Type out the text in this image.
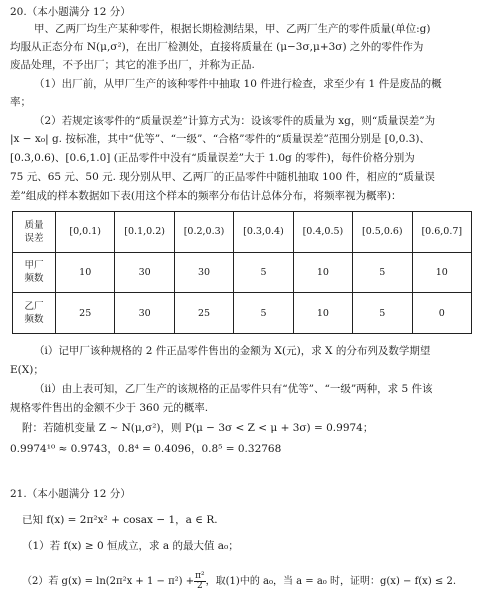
20.（本小题满分 12 分）
甲、乙两厂均生产某种零件，根据长期检测结果，甲、乙两厂生产的零件质量(单位:g)
均服从正态分布 N(μ,σ²)，在出厂检测处，直接将质量在 (μ−3σ,μ+3σ) 之外的零件作为
废品处理，不予出厂；其它的准予出厂，并称为正品.
（1）出厂前，从甲厂生产的该种零件中抽取 10 件进行检查，求至少有 1 件是废品的概
率；
（2）若规定该零件的“质量误差”计算方式为：设该零件的质量为 xg，则“质量误差”为
|x − x₀| g. 按标准，其中“优等”、“一级”、“合格”零件的“质量误差”范围分别是 [0,0.3)、
[0.3,0.6)、[0.6,1.0] (正品零件中没有“质量误差”大于 1.0g 的零件)，每件价格分别为
75 元、65 元、50 元. 现分别从甲、乙两厂的正品零件中随机抽取 100 件，相应的“质量误
差”组成的样本数据如下表(用这个样本的频率分布估计总体分布，将频率视为概率)：
质量
误差	[0,0.1)	[0.1,0.2)	[0.2,0.3)	[0.3,0.4)	[0.4,0.5)	[0.5,0.6)	[0.6,0.7]

甲厂
频数	10	30	30	5	10	5	10

乙厂
频数	25	30	25	5	10	5	0
（ⅰ）记甲厂该种规格的 2 件正品零件售出的金额为 X(元)，求 X 的分布列及数学期望
E(X)；
（ⅱ）由上表可知，乙厂生产的该规格的正品零件只有“优等”、“一级”两种，求 5 件该
规格零件售出的金额不少于 360 元的概率.
附：若随机变量 Z ~ N(μ,σ²)，则 P(μ − 3σ < Z < μ + 3σ) = 0.9974；
0.9974¹⁰ ≈ 0.9743，0.8⁴ = 0.4096，0.8⁵ = 0.32768
21.（本小题满分 12 分）
已知 f(x) = 2π²x² + cosax − 1，a ∈ R.
（1）若 f(x) ≥ 0 恒成立，求 a 的最大值 a₀；
（2）若 $g(x) = \ln(2\pi^2x + 1 - \pi^2) + \frac{\text{π²}}{2}$ ，取(1)中的 a₀，当 a = a₀ 时，证明：g(x) − f(x) ≤ 2.
